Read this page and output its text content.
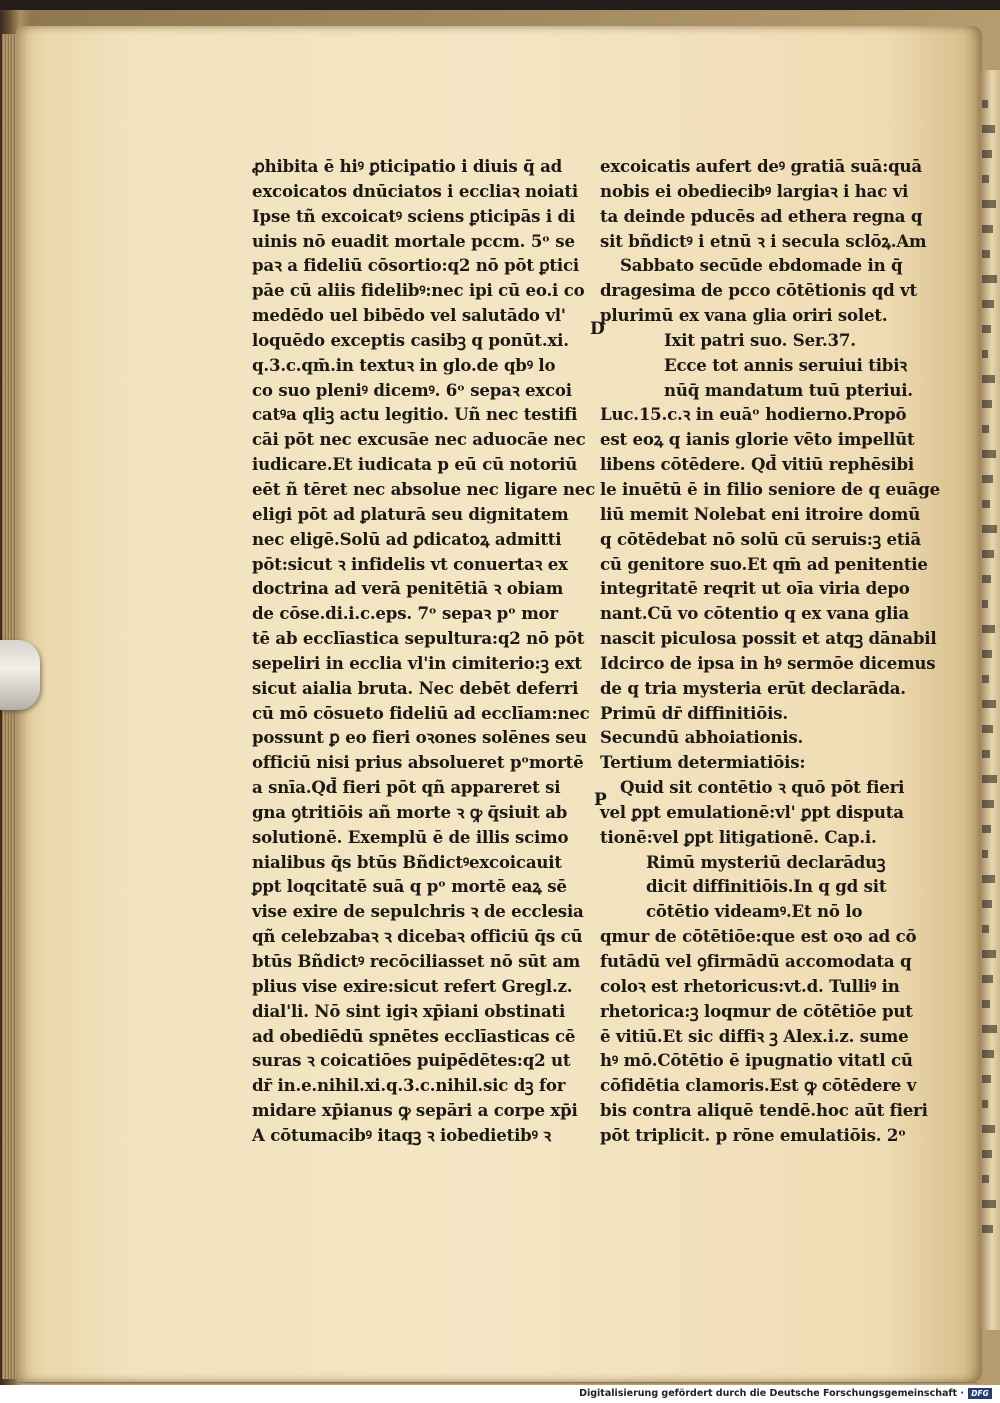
ꝓhibita ē hiꝰ ꝑticipatio i diuis q̄ ad
excoicatos dnūciatos i eccliaꝛ noiati
Ipse tñ excoicatꝰ sciens ꝑticipās i di
uinis nō euadit mortale pccm. 5ᵒ se
paꝛ a fideliū cōsortio:q2 nō pōt ꝑtici
pāe cū aliis fidelibꝰ:nec ipi cū eo.i co
medēdo uel bibēdo vel salutādo vl'
loquēdo exceptis casibꝫ q ponūt.xi.
q.3.c.qm̄.in textuꝛ in glo.de qbꝰ lo
co suo pleniꝰ dicemꝰ. 6ᵒ sepaꝛ excoi
catꝰa qliꝫ actu legitio. Uñ nec testifi
cāi pōt nec excusāe nec aduocāe nec
iudicare.Et iudicata p eū cū notoriū
eēt ñ tēret nec absolue nec ligare nec
eligi pōt ad ꝑlaturā seu dignitatem
nec eligē.Solū ad ꝑdicatoꝝ admitti
pōt:sicut ꝛ infidelis vt conuertaꝛ ex
doctrina ad verā penitētiā ꝛ obiam
de cōse.di.i.c.eps. 7ᵒ sepaꝛ pᵒ mor
tē ab ecclīastica sepultura:q2 nō pōt
sepeliri in ecclia vl'in cimiterio:ꝫ ext
sicut aialia bruta. Nec debēt deferri
cū mō cōsueto fideliū ad ecclīam:nec
possunt ꝑ eo fieri oꝛones solēnes seu
officiū nisi prius absolueret pᵒmortē
a snīa.Qd̄ fieri pōt qñ appareret si
gna ꝯtritiōis añ morte ꝛ ꝙ q̄siuit ab
solutionē. Exemplū ē de illis scimo
nialibus q̄s btūs Bñdictꝰexcoicauit
ꝑpt loqcitatē suā q pᵒ mortē eaꝝ sē
vise exire de sepulchris ꝛ de ecclesia
qñ celebzabaꝛ ꝛ dicebaꝛ officiū q̄s cū
btūs Bñdictꝰ recōciliasset nō sūt am
plius vise exire:sicut refert Gregl.z.
dial'li. Nō sint igiꝛ xp̄iani obstinati
ad obediēdū spnētes ecclīasticas cē
suras ꝛ coicatiōes puipēdētes:q2 ut
dr̄ in.e.nihil.xi.q.3.c.nihil.sic dꝫ for
midare xp̄ianus ꝙ sepāri a corpe xp̄i
A cōtumacibꝰ itaqꝫ ꝛ iobedietibꝰ ꝛ
excoicatis aufert deꝰ gratiā suā:quā
nobis ei obediecibꝰ largiaꝛ i hac vi
ta deinde pducēs ad ethera regna q
sit bñdictꝰ i etnū ꝛ i secula sclōꝝ.Am
Sabbato secūde ebdomade in q̄
dragesima de pcco cōtētionis qd vt
plurimū ex vana glia oriri solet.
Ixit patri suo. Ser.37.
Ecce tot annis seruiui tibiꝛ
nūq̄ mandatum tuū pteriui.
Luc.15.c.ꝛ in euāᵒ hodierno.Propō
est eoꝝ q ianis glorie vēto impellūt
libens cōtēdere. Qd̄ vitiū rephēsibi
le inuētū ē in filio seniore de q euāge
liū memit Nolebat eni itroire domū
q cōtēdebat nō solū cū seruis:ꝫ etiā
cū genitore suo.Et qm̄ ad penitentie
integritatē reqrit ut oīa viria depo
nant.Cū vo cōtentio q ex vana glia
nascit piculosa possit et atqꝫ dānabil
Idcirco de ipsa in hꝰ sermōe dicemus
de q tria mysteria erūt declarāda.
Primū dr̄ diffinitiōis.
Secundū abhoiationis.
Tertium determiatiōis:
Quid sit contētio ꝛ quō pōt fieri
vel ꝑpt emulationē:vl' ꝑpt disputa
tionē:vel ꝑpt litigationē. Cap.i.
Rimū mysteriū declarāduꝫ
dicit diffinitiōis.In q gd sit
cōtētio videamꝰ.Et nō lo
qmur de cōtētiōe:que est oꝛo ad cō
futādū vel ꝯfirmādū accomodata q
coloꝛ est rhetoricus:vt.d. Tulliꝰ in
rhetorica:ꝫ loqmur de cōtētiōe put
ē vitiū.Et sic diffiꝛ ꝫ Alex.i.z. sume
hꝰ mō.Cōtētio ē ipugnatio vitatl cū
cōfidētia clamoris.Est ꝙ cōtēdere v
bis contra aliquē tendē.hoc aūt fieri
pōt triplicit. p rōne emulatiōis. 2ᵒ
D
P
Digitalisierung gefördert durch die Deutsche Forschungsgemeinschaft · DFG
